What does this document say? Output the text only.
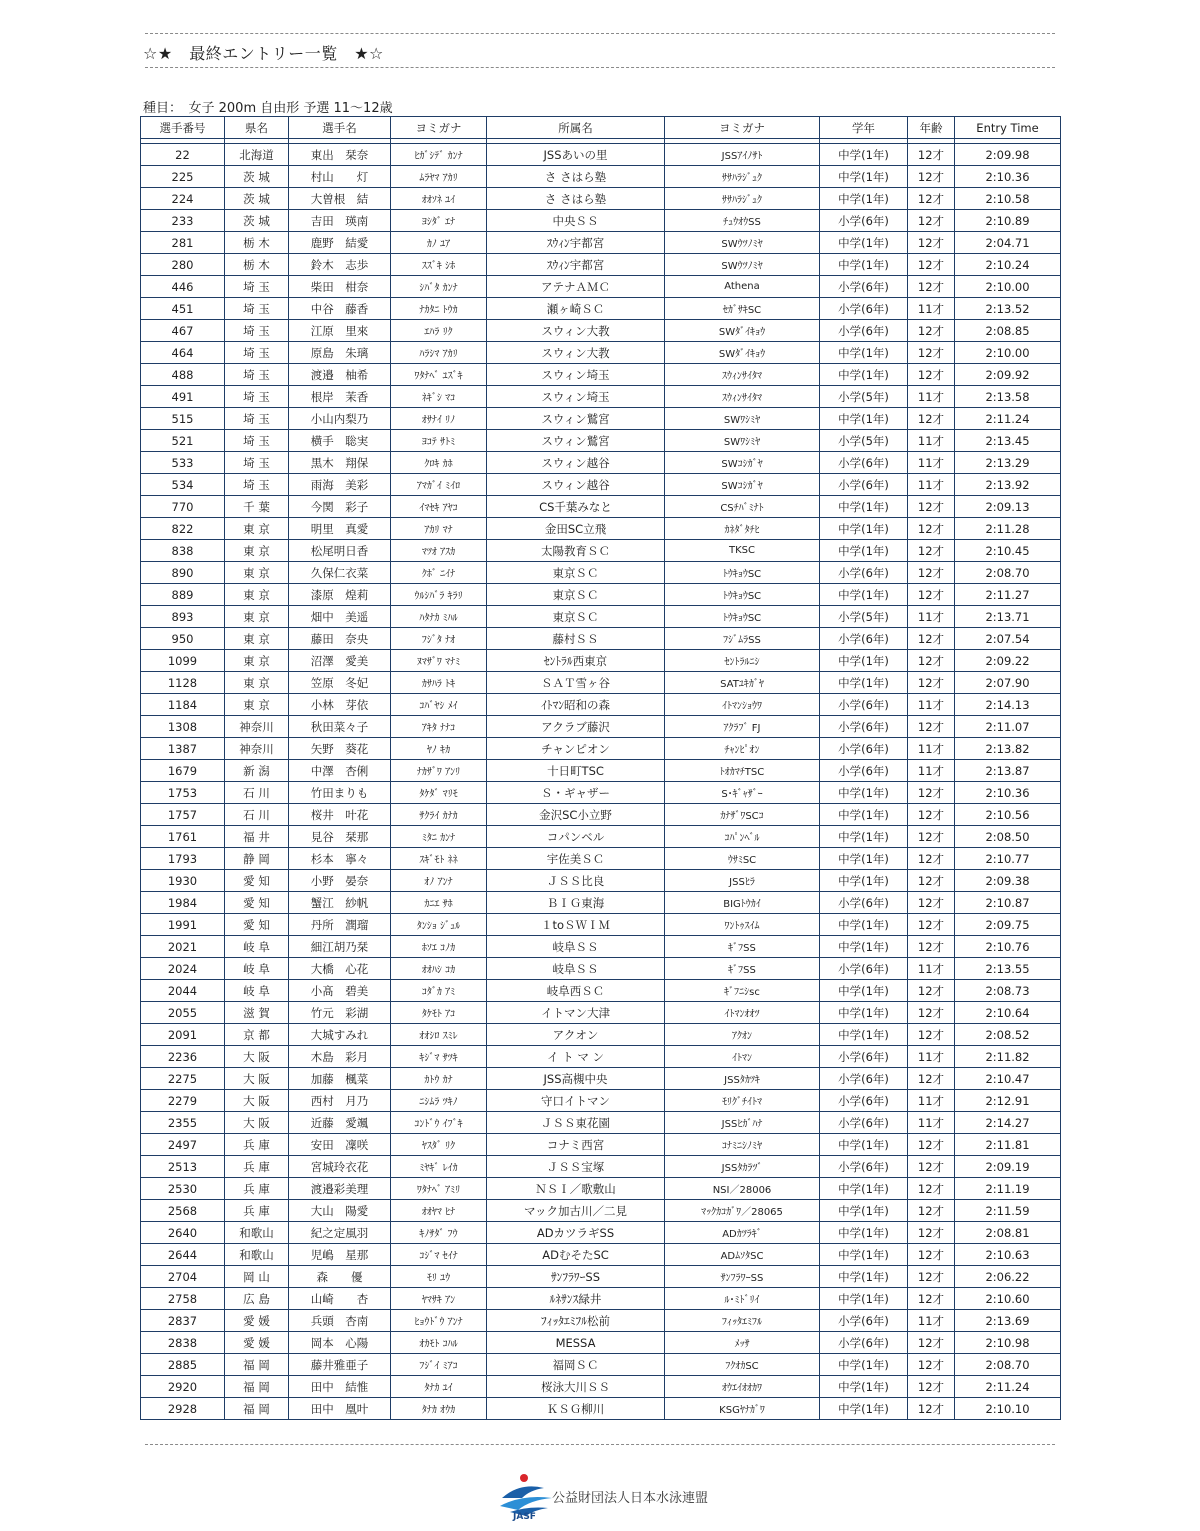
☆★　最終エントリー一覧　★☆
種目：　女子 200m 自由形 予選 11～12歳
選手番号	県名	選手名	ヨミガナ	所属名	ヨミガナ	学年	年齢	Entry Time

22	北海道	東出　栞奈	ﾋｶﾞｼﾃﾞ ｶﾝﾅ	JSSあいの里	JSSｱｲﾉｻﾄ	中学(1年)	12才	2:09.98
225	茨 城	村山　　灯	ﾑﾗﾔﾏ ｱｶﾘ	さ さはら塾	ｻｻﾊﾗｼﾞｭｸ	中学(1年)	12才	2:10.36
224	茨 城	大曽根　結	ｵｵｿﾈ ﾕｲ	さ さはら塾	ｻｻﾊﾗｼﾞｭｸ	中学(1年)	12才	2:10.58
233	茨 城	吉田　瑛南	ﾖｼﾀﾞ ｴﾅ	中央ＳＳ	ﾁｭｳｵｳSS	小学(6年)	12才	2:10.89
281	栃 木	鹿野　結愛	ｶﾉ ﾕｱ	ｽｳｨﾝ宇都宮	SWｳﾂﾉﾐﾔ	中学(1年)	12才	2:04.71
280	栃 木	鈴木　志歩	ｽｽﾞｷ ｼﾎ	ｽｳｨﾝ宇都宮	SWｳﾂﾉﾐﾔ	中学(1年)	12才	2:10.24
446	埼 玉	柴田　柑奈	ｼﾊﾞﾀ ｶﾝﾅ	アテナＡＭＣ	Athena	小学(6年)	12才	2:10.00
451	埼 玉	中谷　藤香	ﾅｶﾀﾆ ﾄｳｶ	瀬ヶ崎ＳＣ	ｾｶﾞｻｷSC	小学(6年)	11才	2:13.52
467	埼 玉	江原　里來	ｴﾊﾗ ﾘｸ	スウィン大教	SWﾀﾞｲｷｮｳ	小学(6年)	12才	2:08.85
464	埼 玉	原島　朱璃	ﾊﾗｼﾏ ｱｶﾘ	スウィン大教	SWﾀﾞｲｷｮｳ	中学(1年)	12才	2:10.00
488	埼 玉	渡邉　柚希	ﾜﾀﾅﾍﾞ ﾕｽﾞｷ	スウィン埼玉	ｽｳｨﾝｻｲﾀﾏ	中学(1年)	12才	2:09.92
491	埼 玉	根岸　茉香	ﾈｷﾞｼ ﾏｺ	スウィン埼玉	ｽｳｨﾝｻｲﾀﾏ	小学(5年)	11才	2:13.58
515	埼 玉	小山内梨乃	ｵｻﾅｲ ﾘﾉ	スウィン鷲宮	SWﾜｼﾐﾔ	中学(1年)	12才	2:11.24
521	埼 玉	横手　聡実	ﾖｺﾃ ｻﾄﾐ	スウィン鷲宮	SWﾜｼﾐﾔ	小学(5年)	11才	2:13.45
533	埼 玉	黒木　翔保	ｸﾛｷ ｶﾎ	スウィン越谷	SWｺｼｶﾞﾔ	小学(6年)	11才	2:13.29
534	埼 玉	雨海　美彩	ｱﾏｶﾞｲ ﾐｲﾛ	スウィン越谷	SWｺｼｶﾞﾔ	小学(6年)	11才	2:13.92
770	千 葉	今関　彩子	ｲﾏｾｷ ｱﾔｺ	CS千葉みなと	CSﾁﾊﾞﾐﾅﾄ	中学(1年)	12才	2:09.13
822	東 京	明里　真愛	ｱｶﾘ ﾏﾅ	金田SC立飛	ｶﾈﾀﾞﾀﾁﾋ	中学(1年)	12才	2:11.28
838	東 京	松尾明日香	ﾏﾂｵ ｱｽｶ	太陽教育ＳＣ	TKSC	中学(1年)	12才	2:10.45
890	東 京	久保仁衣菜	ｸﾎﾞ ﾆｲﾅ	東京ＳＣ	ﾄｳｷｮｳSC	小学(6年)	12才	2:08.70
889	東 京	漆原　煌莉	ｳﾙｼﾊﾞﾗ ｷﾗﾘ	東京ＳＣ	ﾄｳｷｮｳSC	中学(1年)	12才	2:11.27
893	東 京	畑中　美遥	ﾊﾀﾅｶ ﾐﾊﾙ	東京ＳＣ	ﾄｳｷｮｳSC	小学(5年)	11才	2:13.71
950	東 京	藤田　奈央	ﾌｼﾞﾀ ﾅｵ	藤村ＳＳ	ﾌｼﾞﾑﾗSS	小学(6年)	12才	2:07.54
1099	東 京	沼澤　愛美	ﾇﾏｻﾞﾜ ﾏﾅﾐ	ｾﾝﾄﾗﾙ西東京	ｾﾝﾄﾗﾙﾆｼ	中学(1年)	12才	2:09.22
1128	東 京	笠原　冬妃	ｶｻﾊﾗ ﾄｷ	ＳＡＴ雪ヶ谷	SATﾕｷｶﾞﾔ	中学(1年)	12才	2:07.90
1184	東 京	小林　芽依	ｺﾊﾞﾔｼ ﾒｲ	ｲﾄﾏﾝ昭和の森	ｲﾄﾏﾝｼｮｳﾜ	小学(6年)	11才	2:14.13
1308	神奈川	秋田菜々子	ｱｷﾀ ﾅﾅｺ	アクラブ藤沢	ｱｸﾗﾌﾞ FJ	小学(6年)	12才	2:11.07
1387	神奈川	矢野　葵花	ﾔﾉ ｷｶ	チャンピオン	ﾁｬﾝﾋﾟｵﾝ	小学(6年)	11才	2:13.82
1679	新 潟	中澤　杏俐	ﾅｶｻﾞﾜ ｱﾝﾘ	十日町TSC	ﾄｵｶﾏﾁTSC	小学(6年)	11才	2:13.87
1753	石 川	竹田まりも	ﾀｹﾀﾞ ﾏﾘﾓ	Ｓ・ギャザー	S･ｷﾞｬｻﾞｰ	中学(1年)	12才	2:10.36
1757	石 川	桜井　叶花	ｻｸﾗｲ ｶﾅｶ	金沢SC小立野	ｶﾅｻﾞﾜSCｺ	中学(1年)	12才	2:10.56
1761	福 井	見谷　栞那	ﾐﾀﾆ ｶﾝﾅ	コパンベル	ｺﾊﾟﾝﾍﾞﾙ	中学(1年)	12才	2:08.50
1793	静 岡	杉本　寧々	ｽｷﾞﾓﾄ ﾈﾈ	宇佐美ＳＣ	ｳｻﾐSC	中学(1年)	12才	2:10.77
1930	愛 知	小野　晏奈	ｵﾉ ｱﾝﾅ	ＪＳＳ比良	JSSﾋﾗ	中学(1年)	12才	2:09.38
1984	愛 知	蟹江　紗帆	ｶﾆｴ ｻﾎ	ＢＩＧ東海	BIGﾄｳｶｲ	小学(6年)	12才	2:10.87
1991	愛 知	丹所　潤瑠	ﾀﾝｼｮ ｼﾞｭﾙ	１toＳＷＩＭ	ﾜﾝﾄｩｽｲﾑ	中学(1年)	12才	2:09.75
2021	岐 阜	細江胡乃栞	ﾎｿｴ ｺﾉｶ	岐阜ＳＳ	ｷﾞﾌSS	中学(1年)	12才	2:10.76
2024	岐 阜	大橋　心花	ｵｵﾊｼ ｺｶ	岐阜ＳＳ	ｷﾞﾌSS	小学(6年)	11才	2:13.55
2044	岐 阜	小髙　碧美	ｺﾀﾞｶ ｱﾐ	岐阜西ＳＣ	ｷﾞﾌﾆｼsc	中学(1年)	12才	2:08.73
2055	滋 賀	竹元　彩湖	ﾀｹﾓﾄ ｱｺ	イトマン大津	ｲﾄﾏﾝｵｵﾂ	中学(1年)	12才	2:10.64
2091	京 都	大城すみれ	ｵｵｼﾛ ｽﾐﾚ	アクオン	ｱｸｵﾝ	中学(1年)	12才	2:08.52
2236	大 阪	木島　彩月	ｷｼﾞﾏ ｻﾂｷ	イ ト マ ン	ｲﾄﾏﾝ	小学(6年)	11才	2:11.82
2275	大 阪	加藤　楓菜	ｶﾄｳ ｶﾅ	JSS高槻中央	JSSﾀｶﾂｷ	小学(6年)	12才	2:10.47
2279	大 阪	西村　月乃	ﾆｼﾑﾗ ﾂｷﾉ	守口イトマン	ﾓﾘｸﾞﾁｲﾄﾏ	小学(6年)	11才	2:12.91
2355	大 阪	近藤　愛颯	ｺﾝﾄﾞｳ ｲﾌﾞｷ	ＪＳＳ東花園	JSSﾋｶﾞﾊﾅ	小学(6年)	11才	2:14.27
2497	兵 庫	安田　凜咲	ﾔｽﾀﾞ ﾘｸ	コナミ西宮	ｺﾅﾐﾆｼﾉﾐﾔ	中学(1年)	12才	2:11.81
2513	兵 庫	宮城玲衣花	ﾐﾔｷﾞ ﾚｲｶ	ＪＳＳ宝塚	JSSﾀｶﾗﾂﾞ	小学(6年)	12才	2:09.19
2530	兵 庫	渡邉彩美理	ﾜﾀﾅﾍﾞ ｱﾐﾘ	ＮＳＩ／歌敷山	NSI／28006	中学(1年)	12才	2:11.19
2568	兵 庫	大山　陽愛	ｵｵﾔﾏ ﾋﾅ	マック加古川／二見	ﾏｯｸｶｺｶﾞﾜ／28065	中学(1年)	12才	2:11.59
2640	和歌山	紀之定風羽	ｷﾉｻﾀﾞ ﾌｳ	ADカツラギSS	ADｶﾂﾗｷﾞ	中学(1年)	12才	2:08.81
2644	和歌山	児嶋　星那	ｺｼﾞﾏ ｾｲﾅ	ADむそたSC	ADﾑｿﾀSC	中学(1年)	12才	2:10.63
2704	岡 山	森　　優	ﾓﾘ ﾕｳ	ｻﾝﾌﾗﾜｰSS	ｻﾝﾌﾗﾜｰSS	中学(1年)	12才	2:06.22
2758	広 島	山崎　　杏	ﾔﾏｻｷ ｱﾝ	ﾙﾈｻﾝｽ緑井	ﾙ･ﾐﾄﾞﾘｲ	中学(1年)	12才	2:10.60
2837	愛 媛	兵頭　杏南	ﾋｮｳﾄﾞｳ ｱﾝﾅ	ﾌｨｯﾀｴﾐﾌﾙ松前	ﾌｨｯﾀｴﾐﾌﾙ	小学(6年)	11才	2:13.69
2838	愛 媛	岡本　心陽	ｵｶﾓﾄ ｺﾊﾙ	MESSA	ﾒｯｻ	小学(6年)	12才	2:10.98
2885	福 岡	藤井雅亜子	ﾌｼﾞｲ ﾐｱｺ	福岡ＳＣ	ﾌｸｵｶSC	中学(1年)	12才	2:08.70
2920	福 岡	田中　結惟	ﾀﾅｶ ﾕｲ	桜泳大川ＳＳ	ｵｳｴｲｵｵｶﾜ	中学(1年)	12才	2:11.24
2928	福 岡	田中　凰叶	ﾀﾅｶ ｵｳｶ	ＫＳＧ柳川	KSGﾔﾅｶﾞﾜ	中学(1年)	12才	2:10.10
公益財団法人日本水泳連盟
JASF
